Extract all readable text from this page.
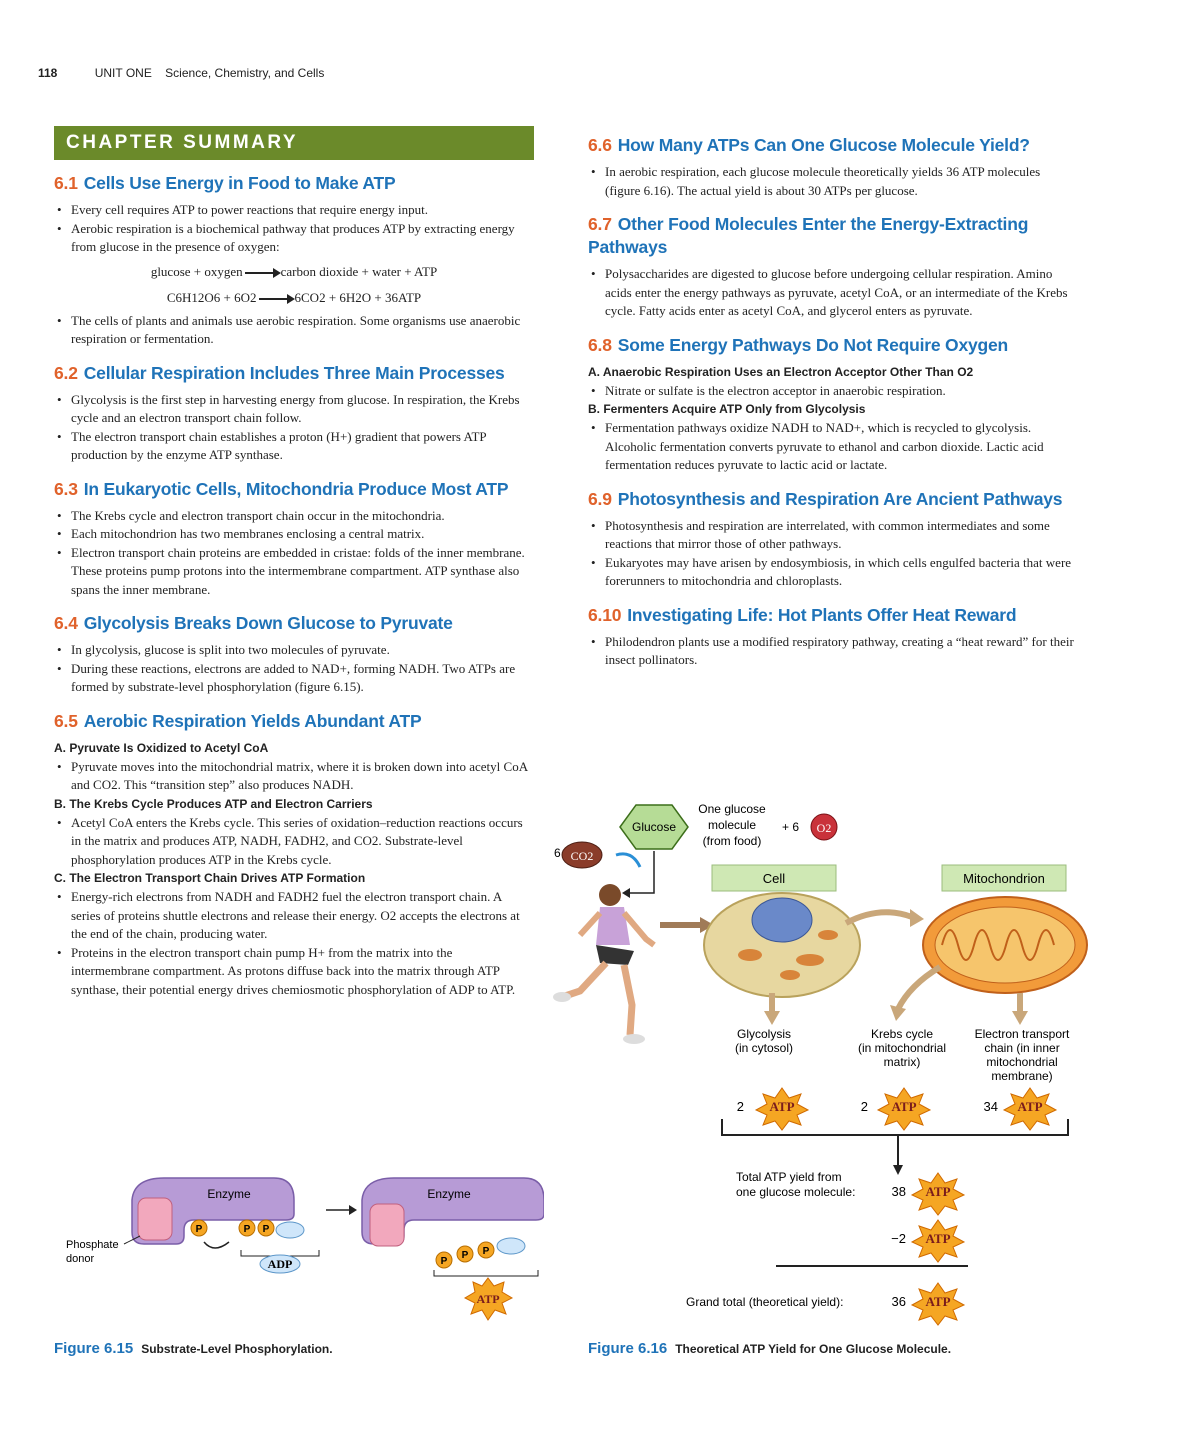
118	UNIT ONE Science, Chemistry, and Cells
CHAPTER SUMMARY
6.1 Cells Use Energy in Food to Make ATP
• Every cell requires ATP to power reactions that require energy input.
• Aerobic respiration is a biochemical pathway that produces ATP by extracting energy from glucose in the presence of oxygen:
glucose + oxygen → carbon dioxide + water + ATP
C6H12O6 + 6O2 → 6CO2 + 6H2O + 36ATP
• The cells of plants and animals use aerobic respiration. Some organisms use anaerobic respiration or fermentation.
6.2 Cellular Respiration Includes Three Main Processes
• Glycolysis is the first step in harvesting energy from glucose. In respiration, the Krebs cycle and an electron transport chain follow.
• The electron transport chain establishes a proton (H+) gradient that powers ATP production by the enzyme ATP synthase.
6.3 In Eukaryotic Cells, Mitochondria Produce Most ATP
• The Krebs cycle and electron transport chain occur in the mitochondria.
• Each mitochondrion has two membranes enclosing a central matrix.
• Electron transport chain proteins are embedded in cristae: folds of the inner membrane. These proteins pump protons into the intermembrane compartment. ATP synthase also spans the inner membrane.
6.4 Glycolysis Breaks Down Glucose to Pyruvate
• In glycolysis, glucose is split into two molecules of pyruvate.
• During these reactions, electrons are added to NAD+, forming NADH. Two ATPs are formed by substrate-level phosphorylation (figure 6.15).
6.5 Aerobic Respiration Yields Abundant ATP
A. Pyruvate Is Oxidized to Acetyl CoA
• Pyruvate moves into the mitochondrial matrix, where it is broken down into acetyl CoA and CO2. This “transition step” also produces NADH.
B. The Krebs Cycle Produces ATP and Electron Carriers
• Acetyl CoA enters the Krebs cycle. This series of oxidation–reduction reactions occurs in the matrix and produces ATP, NADH, FADH2, and CO2. Substrate-level phosphorylation produces ATP in the Krebs cycle.
C. The Electron Transport Chain Drives ATP Formation
• Energy-rich electrons from NADH and FADH2 fuel the electron transport chain. A series of proteins shuttle electrons and release their energy. O2 accepts the electrons at the end of the chain, producing water.
• Proteins in the electron transport chain pump H+ from the matrix into the intermembrane compartment. As protons diffuse back into the matrix through ATP synthase, their potential energy drives chemiosmotic phosphorylation of ADP to ATP.
6.6 How Many ATPs Can One Glucose Molecule Yield?
• In aerobic respiration, each glucose molecule theoretically yields 36 ATP molecules (figure 6.16). The actual yield is about 30 ATPs per glucose.
6.7 Other Food Molecules Enter the Energy-Extracting Pathways
• Polysaccharides are digested to glucose before undergoing cellular respiration. Amino acids enter the energy pathways as pyruvate, acetyl CoA, or an intermediate of the Krebs cycle. Fatty acids enter as acetyl CoA, and glycerol enters as pyruvate.
6.8 Some Energy Pathways Do Not Require Oxygen
A. Anaerobic Respiration Uses an Electron Acceptor Other Than O2
• Nitrate or sulfate is the electron acceptor in anaerobic respiration.
B. Fermenters Acquire ATP Only from Glycolysis
• Fermentation pathways oxidize NADH to NAD+, which is recycled to glycolysis. Alcoholic fermentation converts pyruvate to ethanol and carbon dioxide. Lactic acid fermentation reduces pyruvate to lactic acid or lactate.
6.9 Photosynthesis and Respiration Are Ancient Pathways
• Photosynthesis and respiration are interrelated, with common intermediates and some reactions that mirror those of other pathways.
• Eukaryotes may have arisen by endosymbiosis, in which cells engulfed bacteria that were forerunners to mitochondria and chloroplasts.
6.10 Investigating Life: Hot Plants Offer Heat Reward
• Philodendron plants use a modified respiratory pathway, creating a “heat reward” for their insect pollinators.
Enzyme
P	P P
ADP
Phosphate
donor
Enzyme
P
P P
ATP
Figure 6.15 Substrate-Level Phosphorylation.
Glucose
One glucose
molecule
(from food)
+ 6 O2
6 CO2
Cell	Mitochondrion
Glycolysis
(in cytosol)
Krebs cycle
(in mitochondrial
matrix)
Electron transport
chain (in inner
mitochondrial
membrane)
2	2	34
ATP	ATP	ATP
Total ATP yield from
one glucose molecule:	38 ATP
−2 ATP
Grand total (theoretical yield):	36 ATP
Figure 6.16 Theoretical ATP Yield for One Glucose Molecule.
